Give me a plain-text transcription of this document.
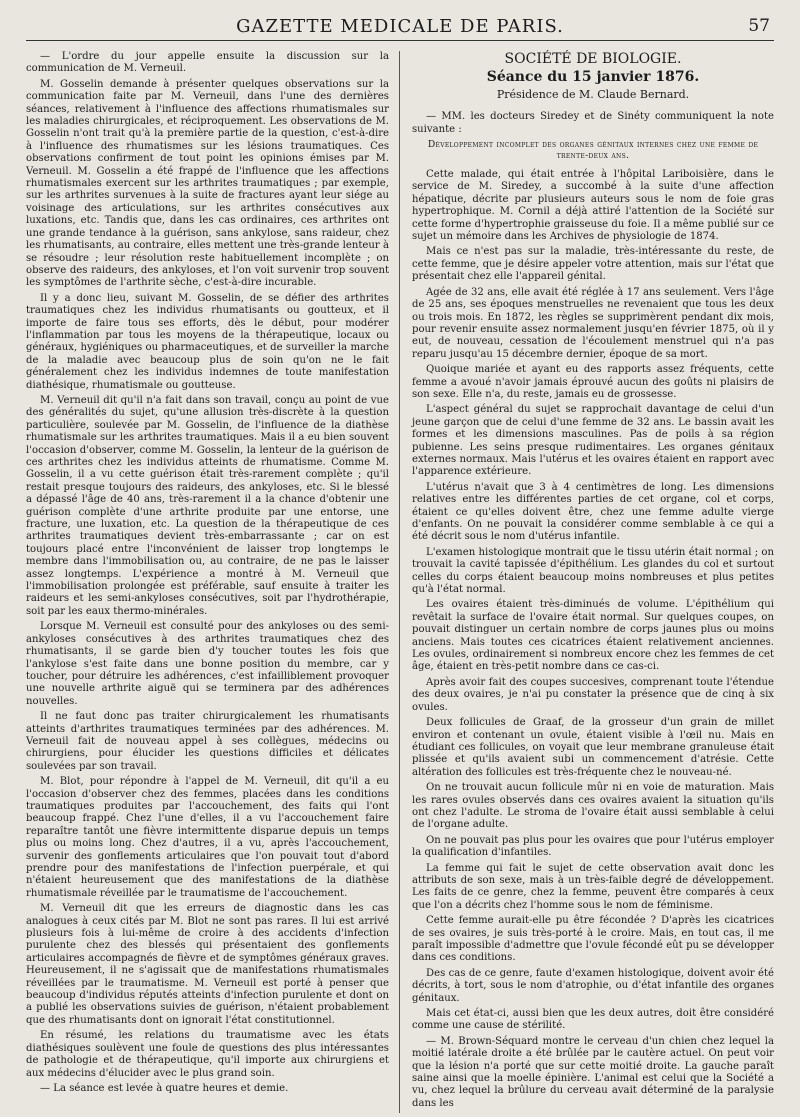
GAZETTE MEDICALE DE PARIS.	57

— L'ordre du jour appelle ensuite la discussion sur la communication de M. Verneuil.

M. Gosselin demande à présenter quelques observations sur la communication faite par M. Verneuil, dans l'une des dernières séances, relativement à l'influence des affections rhumatismales sur les maladies chirurgicales, et réciproquement. Les observations de M. Gosselin n'ont trait qu'à la première partie de la question, c'est-à-dire à l'influence des rhumatismes sur les lésions traumatiques. Ces observations confirment de tout point les opinions émises par M. Verneuil. M. Gosselin a été frappé de l'influence que les affections rhumatismales exercent sur les arthrites traumatiques ; par exemple, sur les arthrites survenues à la suite de fractures ayant leur siége au voisinage des articulations, sur les arthrites consécutives aux luxations, etc. Tandis que, dans les cas ordinaires, ces arthrites ont une grande tendance à la guérison, sans ankylose, sans raideur, chez les rhumatisants, au contraire, elles mettent une très-grande lenteur à se résoudre ; leur résolution reste habituellement incomplète ; on observe des raideurs, des ankyloses, et l'on voit survenir trop souvent les symptômes de l'arthrite sèche, c'est-à-dire incurable.

Il y a donc lieu, suivant M. Gosselin, de se défier des arthrites traumatiques chez les individus rhumatisants ou goutteux, et il importe de faire tous ses efforts, dès le début, pour modérer l'inflammation par tous les moyens de la thérapeutique, locaux ou généraux, hygiéniques ou pharmaceutiques, et de surveiller la marche de la maladie avec beaucoup plus de soin qu'on ne le fait généralement chez les individus indemnes de toute manifestation diathésique, rhumatismale ou goutteuse.

M. Verneuil dit qu'il n'a fait dans son travail, conçu au point de vue des généralités du sujet, qu'une allusion très-discrète à la question particulière, soulevée par M. Gosselin, de l'influence de la diathèse rhumatismale sur les arthrites traumatiques. Mais il a eu bien souvent l'occasion d'observer, comme M. Gosselin, la lenteur de la guérison de ces arthrites chez les individus atteints de rhumatisme. Comme M. Gosselin, il a vu cette guérison était très-rarement complète ; qu'il restait presque toujours des raideurs, des ankyloses, etc. Si le blessé a dépassé l'âge de 40 ans, très-rarement il a la chance d'obtenir une guérison complète d'une arthrite produite par une entorse, une fracture, une luxation, etc. La question de la thérapeutique de ces arthrites traumatiques devient très-embarrassante ; car on est toujours placé entre l'inconvénient de laisser trop longtemps le membre dans l'immobilisation ou, au contraire, de ne pas le laisser assez longtemps. L'expérience a montré à M. Verneuil que l'immobilisation prolongée est préférable, sauf ensuite à traiter les raideurs et les semi-ankyloses consécutives, soit par l'hydrothérapie, soit par les eaux thermo-minérales.

Lorsque M. Verneuil est consulté pour des ankyloses ou des semi-ankyloses consécutives à des arthrites traumatiques chez des rhumatisants, il se garde bien d'y toucher toutes les fois que l'ankylose s'est faite dans une bonne position du membre, car y toucher, pour détruire les adhérences, c'est infailliblement provoquer une nouvelle arthrite aiguë qui se terminera par des adhérences nouvelles.

Il ne faut donc pas traiter chirurgicalement les rhumatisants atteints d'arthrites traumatiques terminées par des adhérences. M. Verneuil fait de nouveau appel à ses collègues, médecins ou chirurgiens, pour élucider les questions difficiles et délicates soulevées par son travail.

M. Blot, pour répondre à l'appel de M. Verneuil, dit qu'il a eu l'occasion d'observer chez des femmes, placées dans les conditions traumatiques produites par l'accouchement, des faits qui l'ont beaucoup frappé. Chez l'une d'elles, il a vu l'accouchement faire reparaître tantôt une fièvre intermittente disparue depuis un temps plus ou moins long. Chez d'autres, il a vu, après l'accouchement, survenir des gonflements articulaires que l'on pouvait tout d'abord prendre pour des manifestations de l'infection puerpérale, et qui n'étaient heureusement que des manifestations de la diathèse rhumatismale réveillée par le traumatisme de l'accouchement.

M. Verneuil dit que les erreurs de diagnostic dans les cas analogues à ceux cités par M. Blot ne sont pas rares. Il lui est arrivé plusieurs fois à lui-même de croire à des accidents d'infection purulente chez des blessés qui présentaient des gonflements articulaires accompagnés de fièvre et de symptômes généraux graves. Heureusement, il ne s'agissait que de manifestations rhumatismales réveillées par le traumatisme. M. Verneuil est porté à penser que beaucoup d'individus réputés atteints d'infection purulente et dont on a publié les observations suivies de guérison, n'étaient probablement que des rhumatisants dont on ignorait l'état constitutionnel.

En résumé, les relations du traumatisme avec les états diathésiques soulèvent une foule de questions des plus intéressantes de pathologie et de thérapeutique, qu'il importe aux chirurgiens et aux médecins d'élucider avec le plus grand soin.

— La séance est levée à quatre heures et demie.

SOCIÉTÉ DE BIOLOGIE.
Séance du 15 janvier 1876.
Présidence de M. Claude Bernard.

— MM. les docteurs Siredey et de Sinéty communiquent la note suivante :

Développement incomplet des organes génitaux internes chez une femme de trente-deux ans.

Cette malade, qui était entrée à l'hôpital Lariboisière, dans le service de M. Siredey, a succombé à la suite d'une affection hépatique, décrite par plusieurs auteurs sous le nom de foie gras hypertrophique. M. Cornil a déjà attiré l'attention de la Société sur cette forme d'hypertrophie graisseuse du foie. Il a même publié sur ce sujet un mémoire dans les Archives de physiologie de 1874.

Mais ce n'est pas sur la maladie, très-intéressante du reste, de cette femme, que je désire appeler votre attention, mais sur l'état que présentait chez elle l'appareil génital.

Agée de 32 ans, elle avait été réglée à 17 ans seulement. Vers l'âge de 25 ans, ses époques menstruelles ne revenaient que tous les deux ou trois mois. En 1872, les règles se supprimèrent pendant dix mois, pour revenir ensuite assez normalement jusqu'en février 1875, où il y eut, de nouveau, cessation de l'écoulement menstruel qui n'a pas reparu jusqu'au 15 décembre dernier, époque de sa mort.

Quoique mariée et ayant eu des rapports assez fréquents, cette femme a avoué n'avoir jamais éprouvé aucun des goûts ni plaisirs de son sexe. Elle n'a, du reste, jamais eu de grossesse.

L'aspect général du sujet se rapprochait davantage de celui d'un jeune garçon que de celui d'une femme de 32 ans. Le bassin avait les formes et les dimensions masculines. Pas de poils à sa région pubienne. Les seins presque rudimentaires. Les organes génitaux externes normaux. Mais l'utérus et les ovaires étaient en rapport avec l'apparence extérieure.

L'utérus n'avait que 3 à 4 centimètres de long. Les dimensions relatives entre les différentes parties de cet organe, col et corps, étaient ce qu'elles doivent être, chez une femme adulte vierge d'enfants. On ne pouvait la considérer comme semblable à ce qui a été décrit sous le nom d'utérus infantile.

L'examen histologique montrait que le tissu utérin était normal ; on trouvait la cavité tapissée d'épithélium. Les glandes du col et surtout celles du corps étaient beaucoup moins nombreuses et plus petites qu'à l'état normal.

Les ovaires étaient très-diminués de volume. L'épithélium qui revêtait la surface de l'ovaire était normal. Sur quelques coupes, on pouvait distinguer un certain nombre de corps jaunes plus ou moins anciens. Mais toutes ces cicatrices étaient relativement anciennes. Les ovules, ordinairement si nombreux encore chez les femmes de cet âge, étaient en très-petit nombre dans ce cas-ci.

Après avoir fait des coupes succesives, comprenant toute l'étendue des deux ovaires, je n'ai pu constater la présence que de cinq à six ovules.

Deux follicules de Graaf, de la grosseur d'un grain de millet environ et contenant un ovule, étaient visible à l'œil nu. Mais en étudiant ces follicules, on voyait que leur membrane granuleuse était plissée et qu'ils avaient subi un commencement d'atrésie. Cette altération des follicules est très-fréquente chez le nouveau-né.

On ne trouvait aucun follicule mûr ni en voie de maturation. Mais les rares ovules observés dans ces ovaires avaient la situation qu'ils ont chez l'adulte. Le stroma de l'ovaire était aussi semblable à celui de l'organe adulte.

On ne pouvait pas plus pour les ovaires que pour l'utérus employer la qualification d'infantiles.

La femme qui fait le sujet de cette observation avait donc les attributs de son sexe, mais à un très-faible degré de développement. Les faits de ce genre, chez la femme, peuvent être comparés à ceux que l'on a décrits chez l'homme sous le nom de féminisme.

Cette femme aurait-elle pu être fécondée ? D'après les cicatrices de ses ovaires, je suis très-porté à le croire. Mais, en tout cas, il me paraît impossible d'admettre que l'ovule fécondé eût pu se développer dans ces conditions.

Des cas de ce genre, faute d'examen histologique, doivent avoir été décrits, à tort, sous le nom d'atrophie, ou d'état infantile des organes génitaux.

Mais cet état-ci, aussi bien que les deux autres, doit être considéré comme une cause de stérilité.

— M. Brown-Séquard montre le cerveau d'un chien chez lequel la moitié latérale droite a été brûlée par le cautère actuel. On peut voir que la lésion n'a porté que sur cette moitié droite. La gauche paraît saine ainsi que la moelle épinière. L'animal est celui que la Société a vu, chez lequel la brûlure du cerveau avait déterminé de la paralysie dans les
